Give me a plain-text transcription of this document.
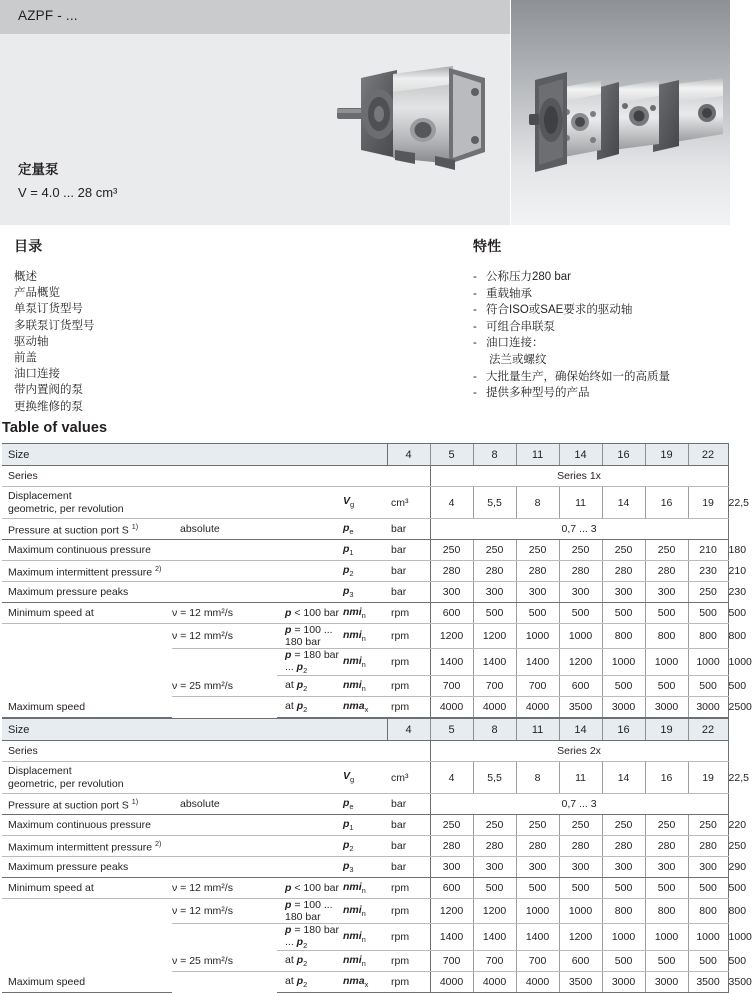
AZPF - ...
定量泵
V = 4.0 ... 28 cm³
目录
概述
产品概览
单泵订货型号
多联泵订货型号
驱动轴
前盖
油口连接
带内置阀的泵
更换维修的泵
特性
- 公称压力280 bar
- 重载轴承
- 符合ISO或SAE要求的驱动轴
- 可组合串联泵
- 油口连接：
法兰或螺纹
- 大批量生产，确保始终如一的高质量
- 提供多种型号的产品
Table of values
Size				4	5	8	11	14	16	19	22	
Series					Series 1x							
Displacement
geometric, per revolution			$V_g$	cm³	4	5,5	8	11	14	16	19	22,5
Pressure at suction port S $^{1)}$	absolute		$p_e$	bar	0,7 ... 3							
Maximum continuous pressure			$p_1$	bar	250	250	250	250	250	250	210	180
Maximum intermittent pressure $^{2)}$			$p_2$	bar	280	280	280	280	280	280	230	210
Maximum pressure peaks			$p_3$	bar	300	300	300	300	300	300	250	230
Minimum speed at	ν = 12 mm²/s	p < 100 bar	nmi$_n$	rpm	600	500	500	500	500	500	500	500
	ν = 12 mm²/s	p = 100 ... 180 bar	nmi$_n$	rpm	1200	1200	1000	1000	800	800	800	800
		p = 180 bar ... $p_2$	nmi$_n$	rpm	1400	1400	1400	1200	1000	1000	1000	1000
	ν = 25 mm²/s	at $p_2$	nmi$_n$	rpm	700	700	700	600	500	500	500	500
Maximum speed		at $p_2$	nma$_x$	rpm	4000	4000	4000	3500	3000	3000	3000	2500
Size				4	5	8	11	14	16	19	22	
Series					Series 2x							
Displacement
geometric, per revolution			$V_g$	cm³	4	5,5	8	11	14	16	19	22,5
Pressure at suction port S $^{1)}$	absolute		$p_e$	bar	0,7 ... 3							
Maximum continuous pressure			$p_1$	bar	250	250	250	250	250	250	250	220
Maximum intermittent pressure $^{2)}$			$p_2$	bar	280	280	280	280	280	280	280	250
Maximum pressure peaks			$p_3$	bar	300	300	300	300	300	300	300	290
Minimum speed at	ν = 12 mm²/s	p < 100 bar	nmi$_n$	rpm	600	500	500	500	500	500	500	500
	ν = 12 mm²/s	p = 100 ... 180 bar	nmi$_n$	rpm	1200	1200	1000	1000	800	800	800	800
		p = 180 bar ... $p_2$	nmi$_n$	rpm	1400	1400	1400	1200	1000	1000	1000	1000
	ν = 25 mm²/s	at $p_2$	nmi$_n$	rpm	700	700	700	600	500	500	500	500
Maximum speed		at $p_2$	nma$_x$	rpm	4000	4000	4000	3500	3000	3000	3500	3500
